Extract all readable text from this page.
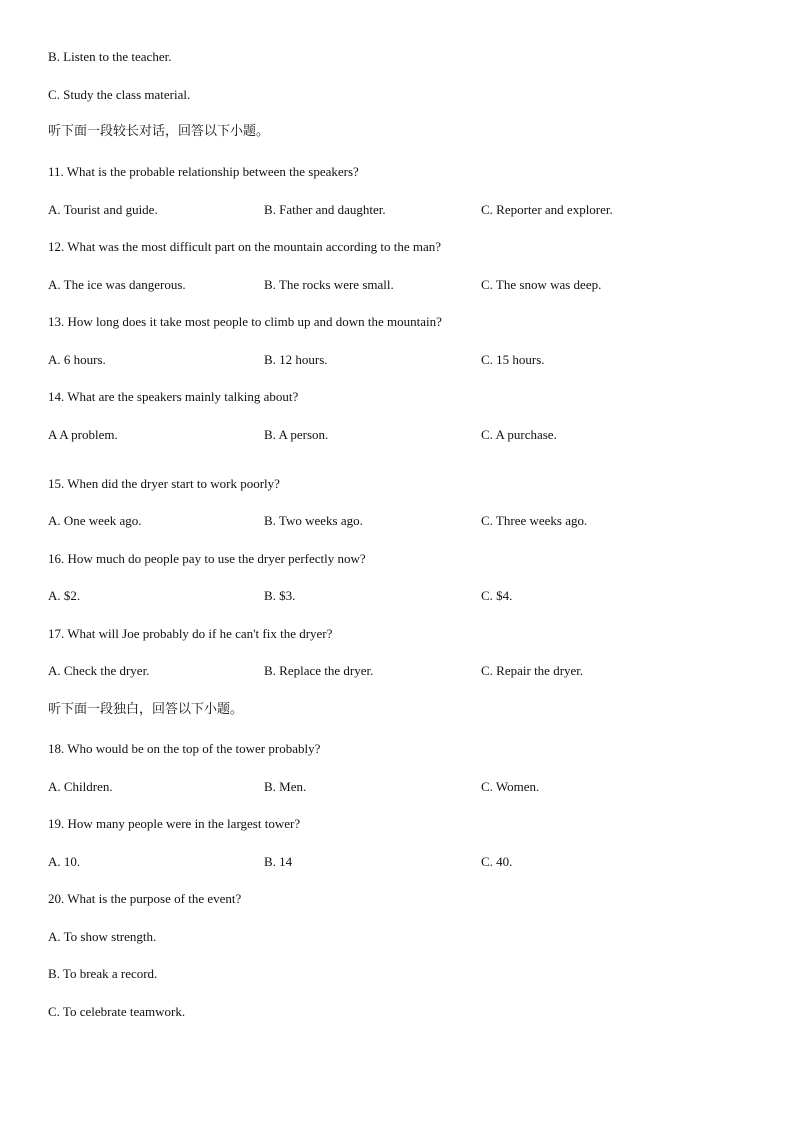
B. Listen to the teacher.
C. Study the class material.
听下面一段较长对话，回答以下小题。
11. What is the probable relationship between the speakers?
A. Tourist and guide.	B. Father and daughter.	C. Reporter and explorer.
12. What was the most difficult part on the mountain according to the man?
A. The ice was dangerous.	B. The rocks were small.	C. The snow was deep.
13. How long does it take most people to climb up and down the mountain?
A. 6 hours.	B. 12 hours.	C. 15 hours.
14. What are the speakers mainly talking about?
A A problem.	B. A person.	C. A purchase.
15. When did the dryer start to work poorly?
A. One week ago.	B. Two weeks ago.	C. Three weeks ago.
16. How much do people pay to use the dryer perfectly now?
A. $2.	B. $3.	C. $4.
17. What will Joe probably do if he can't fix the dryer?
A. Check the dryer.	B. Replace the dryer.	C. Repair the dryer.
听下面一段独白，回答以下小题。
18. Who would be on the top of the tower probably?
A. Children.	B. Men.	C. Women.
19. How many people were in the largest tower?
A. 10.	B. 14	C. 40.
20. What is the purpose of the event?
A. To show strength.
B. To break a record.
C. To celebrate teamwork.
